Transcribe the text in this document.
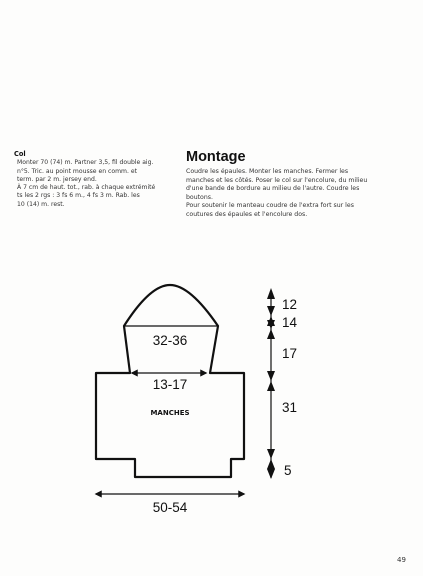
Col

Monter 70 (74) m. Partner 3,5, fil double aig.

n°5. Tric. au point mousse en comm. et

term. par 2 m. jersey end.

À 7 cm de haut. tot., rab. à chaque extrémité

ts les 2 rgs : 3 fs 6 m., 4 fs 3 m. Rab. les

10 (14) m. rest.

Montage

Coudre les épaules. Monter les manches. Fermer les

manches et les côtés. Poser le col sur l'encolure, du milieu

d'une bande de bordure au milieu de l'autre. Coudre les

boutons.

Pour soutenir le manteau coudre de l'extra fort sur les

coutures des épaules et l'encolure dos.

32-36
13-17
MANCHES
50-54
12
14
17
31
5
49
